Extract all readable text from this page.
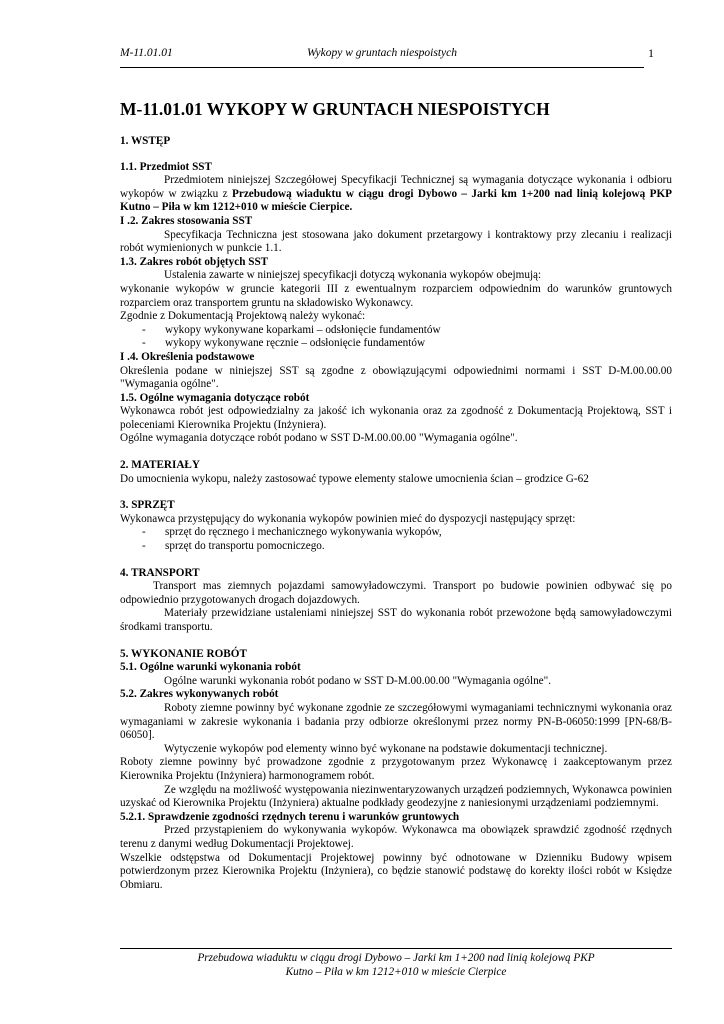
M-11.01.01	Wykopy w gruntach niespoistych	1
M-11.01.01 WYKOPY W GRUNTACH NIESPOISTYCH
1. WSTĘP
1.1. Przedmiot SST

Przedmiotem niniejszej Szczegółowej Specyfikacji Technicznej są wymagania dotyczące wykonania i odbioru wykopów w związku z Przebudową wiaduktu w ciągu drogi Dybowo – Jarki km 1+200 nad linią kolejową PKP Kutno – Piła w km 1212+010 w mieście Cierpice.

I .2. Zakres stosowania SST

Specyfikacja Techniczna jest stosowana jako dokument przetargowy i kontraktowy przy zlecaniu i realizacji robót wymienionych w punkcie 1.1.

1.3. Zakres robót objętych SST

Ustalenia zawarte w niniejszej specyfikacji dotyczą wykonania wykopów obejmują:

wykonanie wykopów w gruncie kategorii III z ewentualnym rozparciem odpowiednim do warunków gruntowych rozparciem oraz transportem gruntu na składowisko Wykonawcy.

Zgodnie z Dokumentacją Projektową należy wykonać:

- wykopy wykonywane koparkami – odsłonięcie fundamentów
- wykopy wykonywane ręcznie – odsłonięcie fundamentów
I .4. Określenia podstawowe

Określenia podane w niniejszej SST są zgodne z obowiązującymi odpowiednimi normami i SST D-M.00.00.00 "Wymagania ogólne".

1.5. Ogólne wymagania dotyczące robót

Wykonawca robót jest odpowiedzialny za jakość ich wykonania oraz za zgodność z Dokumentacją Projektową, SST i poleceniami Kierownika Projektu (Inżyniera).

Ogólne wymagania dotyczące robót podano w SST D-M.00.00.00 "Wymagania ogólne".

2. MATERIAŁY

Do umocnienia wykopu, należy zastosować typowe elementy stalowe umocnienia ścian – grodzice G-62

3. SPRZĘT

Wykonawca przystępujący do wykonania wykopów powinien mieć do dyspozycji następujący sprzęt:

- sprzęt do ręcznego i mechanicznego wykonywania wykopów,
- sprzęt do transportu pomocniczego.
4. TRANSPORT

Transport mas ziemnych pojazdami samowyładowczymi. Transport po budowie powinien odbywać się po odpowiednio przygotowanych drogach dojazdowych.

Materiały przewidziane ustaleniami niniejszej SST do wykonania robót przewożone będą samowyładowczymi środkami transportu.

5. WYKONANIE ROBÓT
5.1. Ogólne warunki wykonania robót

Ogólne warunki wykonania robót podano w SST D-M.00.00.00 "Wymagania ogólne".

5.2. Zakres wykonywanych robót

Roboty ziemne powinny być wykonane zgodnie ze szczegółowymi wymaganiami technicznymi wykonania oraz wymaganiami w zakresie wykonania i badania przy odbiorze określonymi przez normy PN-B-06050:1999 [PN-68/B-06050].

Wytyczenie wykopów pod elementy winno być wykonane na podstawie dokumentacji technicznej.

Roboty ziemne powinny być prowadzone zgodnie z przygotowanym przez Wykonawcę i zaakceptowanym przez Kierownika Projektu (Inżyniera) harmonogramem robót.

Ze względu na możliwość występowania niezinwentaryzowanych urządzeń podziemnych, Wykonawca powinien uzyskać od Kierownika Projektu (Inżyniera) aktualne podkłady geodezyjne z naniesionymi urządzeniami podziemnymi.

5.2.1. Sprawdzenie zgodności rzędnych terenu i warunków gruntowych

Przed przystąpieniem do wykonywania wykopów. Wykonawca ma obowiązek sprawdzić zgodność rzędnych terenu z danymi według Dokumentacji Projektowej.

Wszelkie odstępstwa od Dokumentacji Projektowej powinny być odnotowane w Dzienniku Budowy wpisem potwierdzonym przez Kierownika Projektu (Inżyniera), co będzie stanowić podstawę do korekty ilości robót w Księdze Obmiaru.

Przebudowa wiaduktu w ciągu drogi Dybowo – Jarki km 1+200 nad linią kolejową PKP
Kutno – Piła w km 1212+010 w mieście Cierpice
